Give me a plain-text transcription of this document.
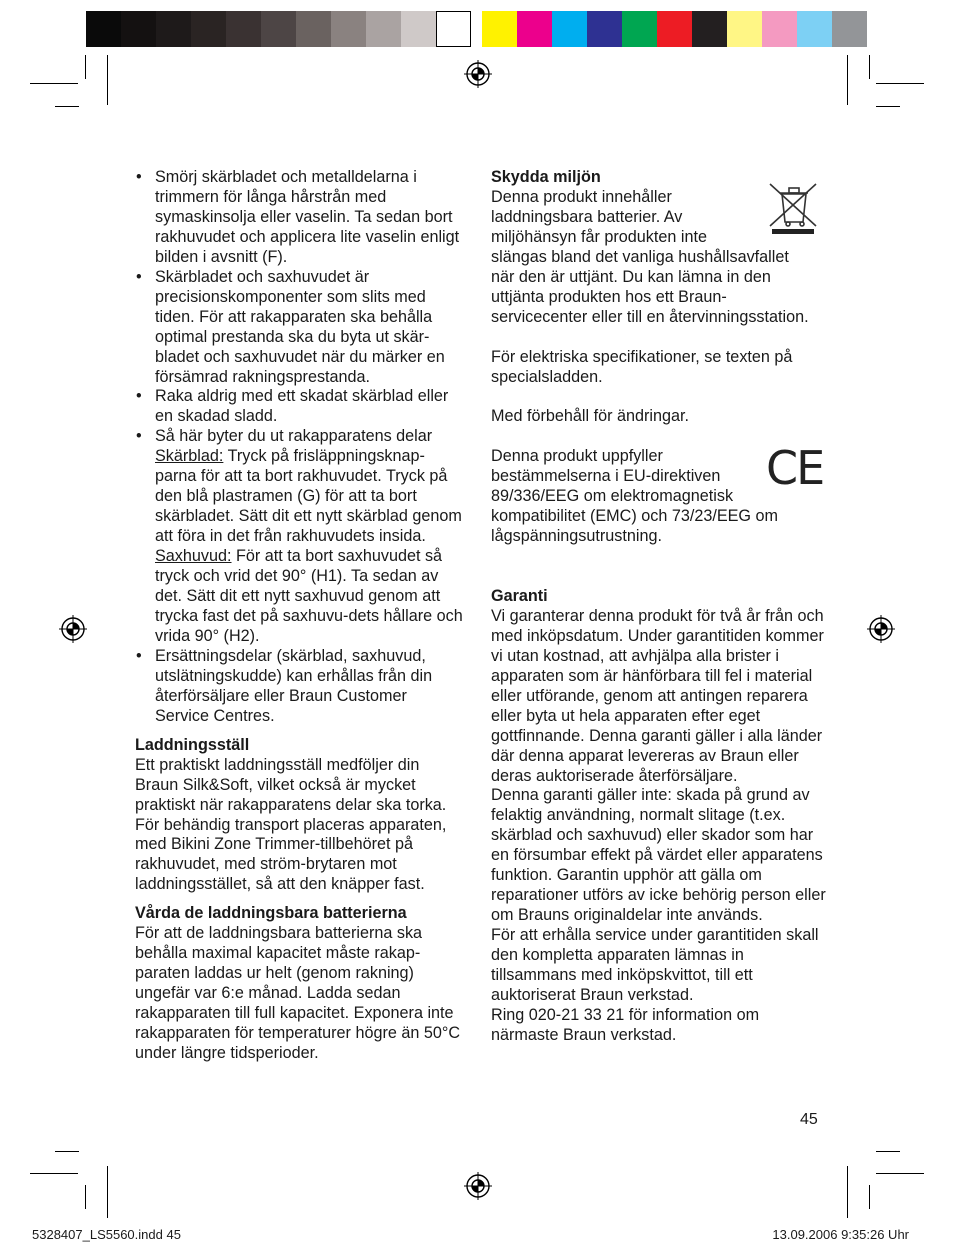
• Smörj skärbladet och metalldelarna i trimmern för långa hårstrån med symaskinsolja eller vaselin. Ta sedan bort rakhuvudet och applicera lite vaselin enligt bilden i avsnitt (F).
• Skärbladet och saxhuvudet är precisionskomponenter som slits med tiden. För att rakapparaten ska behålla optimal prestanda ska du byta ut skär-bladet och saxhuvudet när du märker en försämrad rakningsprestanda.
• Raka aldrig med ett skadat skärblad eller en skadad sladd.
• Så här byter du ut rakapparatens delar
Skärblad: Tryck på frisläppningsknap-parna för att ta bort rakhuvudet. Tryck på den blå plastramen (G) för att ta bort skärbladet. Sätt dit ett nytt skärblad genom att föra in det från rakhuvudets insida.
Saxhuvud: För att ta bort saxhuvudet så tryck och vrid det 90° (H1). Ta sedan av det. Sätt dit ett nytt saxhuvud genom att trycka fast det på saxhuvu-dets hållare och vrida 90° (H2).
• Ersättningsdelar (skärblad, saxhuvud, utslätningskudde) kan erhållas från din återförsäljare eller Braun Customer Service Centres.

Laddningsställ

Ett praktiskt laddningsställ medföljer din Braun Silk&Soft, vilket också är mycket praktiskt när rakapparatens delar ska torka. För behändig transport placeras apparaten, med Bikini Zone Trimmer-tillbehöret på rakhuvudet, med ström-brytaren mot laddningsstället, så att den knäpper fast.

Vårda de laddningsbara batterierna

För att de laddningsbara batterierna ska behålla maximal kapacitet måste rakap-paraten laddas ur helt (genom rakning) ungefär var 6:e månad. Ladda sedan rakapparaten till full kapacitet. Exponera inte rakapparaten för temperaturer högre än 50°C under längre tidsperioder.

Skydda miljön

Denna produkt innehåller laddningsbara batterier. Av miljöhänsyn får produkten inte slängas bland det vanliga hushållsavfallet när den är uttjänt. Du kan lämna in den uttjänta produkten hos ett Braun-servicecenter eller till en återvinningsstation.

För elektriska specifikationer, se texten på specialsladden.

Med förbehåll för ändringar.

CE

Denna produkt uppfyller bestämmelserna i EU-direktiven 89/336/EEG om elektromagnetisk kompatibilitet (EMC) och 73/23/EEG om lågspänningsutrustning.

Garanti

Vi garanterar denna produkt för två år från och med inköpsdatum. Under garantitiden kommer vi utan kostnad, att avhjälpa alla brister i apparaten som är hänförbara till fel i material eller utförande, genom att antingen reparera eller byta ut hela apparaten efter eget gottfinnande. Denna garanti gäller i alla länder där denna apparat levereras av Braun eller deras auktoriserade återförsäljare.

Denna garanti gäller inte: skada på grund av felaktig användning, normalt slitage (t.ex. skärblad och saxhuvud) eller skador som har en försumbar effekt på värdet eller apparatens funktion. Garantin upphör att gälla om reparationer utförs av icke behörig person eller om Brauns originaldelar inte används.

För att erhålla service under garantitiden skall den kompletta apparaten lämnas in tillsammans med inköpskvittot, till ett auktoriserat Braun verkstad.

Ring 020-21 33 21 för information om närmaste Braun verkstad.

45
5328407_LS5560.indd 45	13.09.2006 9:35:26 Uhr
